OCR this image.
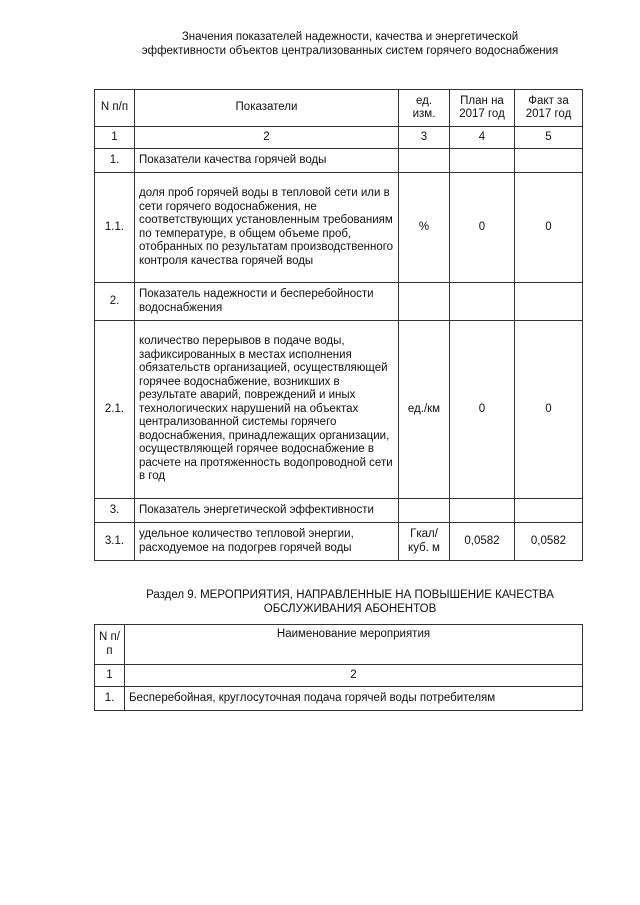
Значения показателей надежности, качества и энергетической эффективности объектов централизованных систем горячего водоснабжения
N п/п	Показатели	ед. изм.	План на 2017 год	Факт за 2017 год
1	2	3	4	5
1.	Показатели качества горячей воды			
1.1.	доля проб горячей воды в тепловой сети или в сети горячего водоснабжения, не соответствующих установленным требованиям по температуре, в общем объеме проб, отобранных по результатам производственного контроля качества горячей воды	%	0	0
2.	Показатель надежности и бесперебойности водоснабжения			
2.1.	количество перерывов в подаче воды, зафиксированных в местах исполнения обязательств организацией, осуществляющей горячее водоснабжение, возникших в результате аварий, повреждений и иных технологических нарушений на объектах централизованной системы горячего водоснабжения, принадлежащих организации, осуществляющей горячее водоснабжение в расчете на протяженность водопроводной сети в год	ед./км	0	0
3.	Показатель энергетической эффективности			
3.1.	удельное количество тепловой энергии, расходуемое на подогрев горячей воды	Гкал/ куб. м	0,0582	0,0582
Раздел 9. МЕРОПРИЯТИЯ, НАПРАВЛЕННЫЕ НА ПОВЫШЕНИЕ КАЧЕСТВА ОБСЛУЖИВАНИЯ АБОНЕНТОВ
N п/п	Наименование мероприятия
1	2
1.	Бесперебойная, круглосуточная подача горячей воды потребителям
